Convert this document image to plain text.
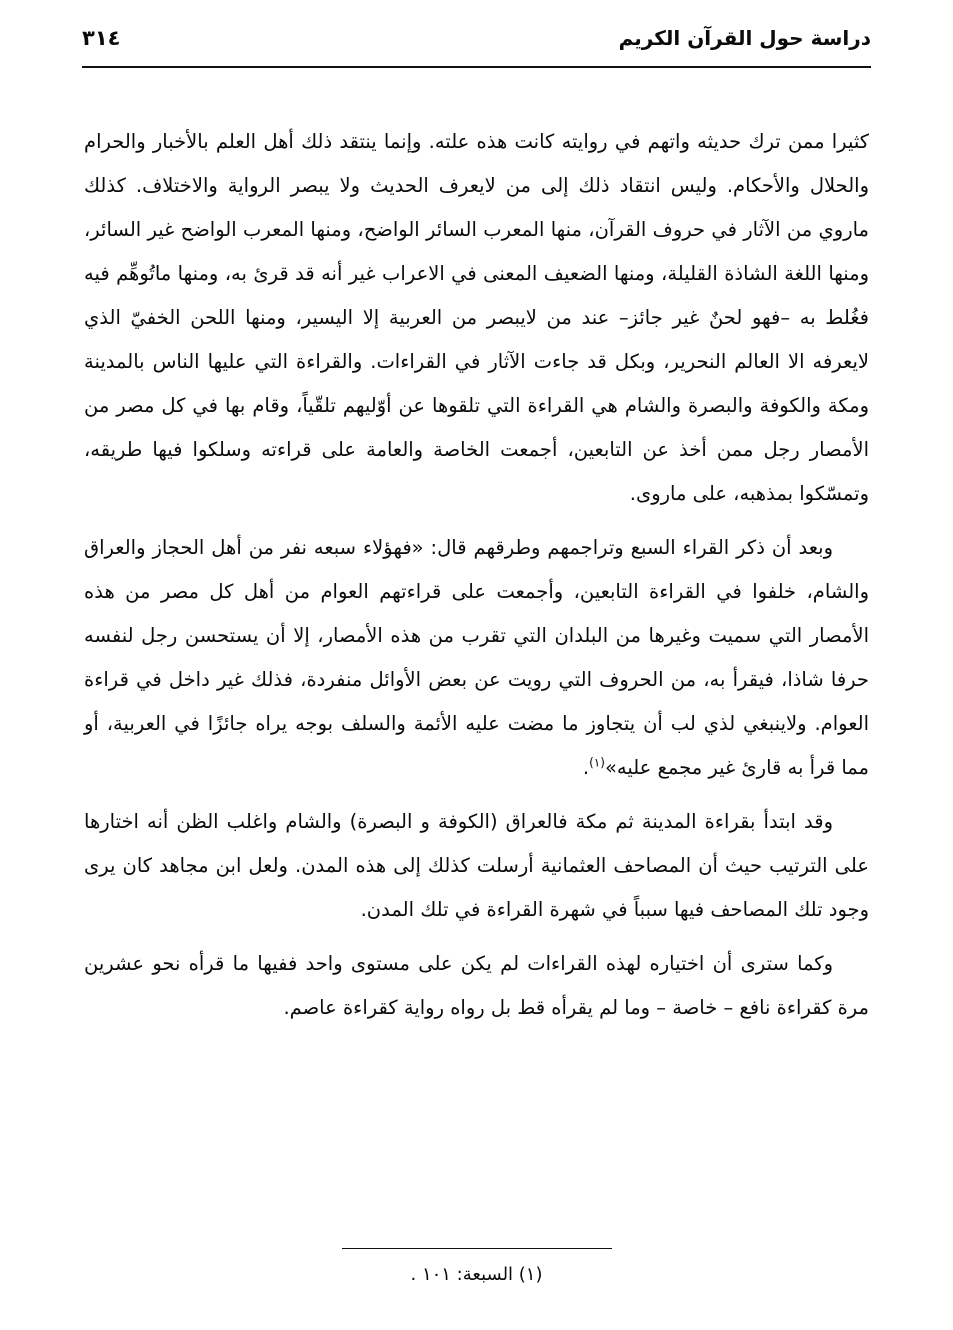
دراسة حول القرآن الكريم
٣١٤

كثيرا ممن ترك حديثه واتهم في روايته كانت هذه علته. وإنما ينتقد ذلك أهل العلم بالأخبار والحرام والحلال والأحكام. وليس انتقاد ذلك إلى من لايعرف الحديث ولا يبصر الرواية والاختلاف. كذلك ماروي من الآثار في حروف القرآن، منها المعرب السائر الواضح، ومنها المعرب الواضح غير السائر، ومنها اللغة الشاذة القليلة، ومنها الضعيف المعنى في الاعراب غير أنه قد قرئ به، ومنها ماتُوهِّم فيه فغُلط به –فهو لحنٌ غير جائز– عند من لايبصر من العربية إلا اليسير، ومنها اللحن الخفيّ الذي لايعرفه الا العالم النحرير، وبكل قد جاءت الآثار في القراءات. والقراءة التي عليها الناس بالمدينة ومكة والكوفة والبصرة والشام هي القراءة التي تلقوها عن أوّليهم تلقّياً، وقام بها في كل مصر من الأمصار رجل ممن أخذ عن التابعين، أجمعت الخاصة والعامة على قراءته وسلكوا فيها طريقه، وتمسّكوا بمذهبه، على ماروى.

وبعد أن ذكر القراء السبع وتراجمهم وطرقهم قال: «فهؤلاء سبعه نفر من أهل الحجاز والعراق والشام، خلفوا في القراءة التابعين، وأجمعت على قراءتهم العوام من أهل كل مصر من هذه الأمصار التي سميت وغيرها من البلدان التي تقرب من هذه الأمصار، إلا أن يستحسن رجل لنفسه حرفا شاذا، فيقرأ به، من الحروف التي رويت عن بعض الأوائل منفردة، فذلك غير داخل في قراءة العوام. ولاينبغي لذي لب أن يتجاوز ما مضت عليه الأئمة والسلف بوجه يراه جائزًا في العربية، أو مما قرأ به قارئ غير مجمع عليه»$^{(١)}$.

وقد ابتدأ بقراءة المدينة ثم مكة فالعراق (الكوفة و البصرة) والشام واغلب الظن أنه اختارها على الترتيب حيث أن المصاحف العثمانية أرسلت كذلك إلى هذه المدن. ولعل ابن مجاهد كان يرى وجود تلك المصاحف فيها سبباً في شهرة القراءة في تلك المدن.

وكما سترى أن اختياره لهذه القراءات لم يكن على مستوى واحد ففيها ما قرأه نحو عشرين مرة كقراءة نافع – خاصة – وما لم يقرأه قط بل رواه رواية كقراءة عاصم.

(١) السبعة: ١٠١ .
